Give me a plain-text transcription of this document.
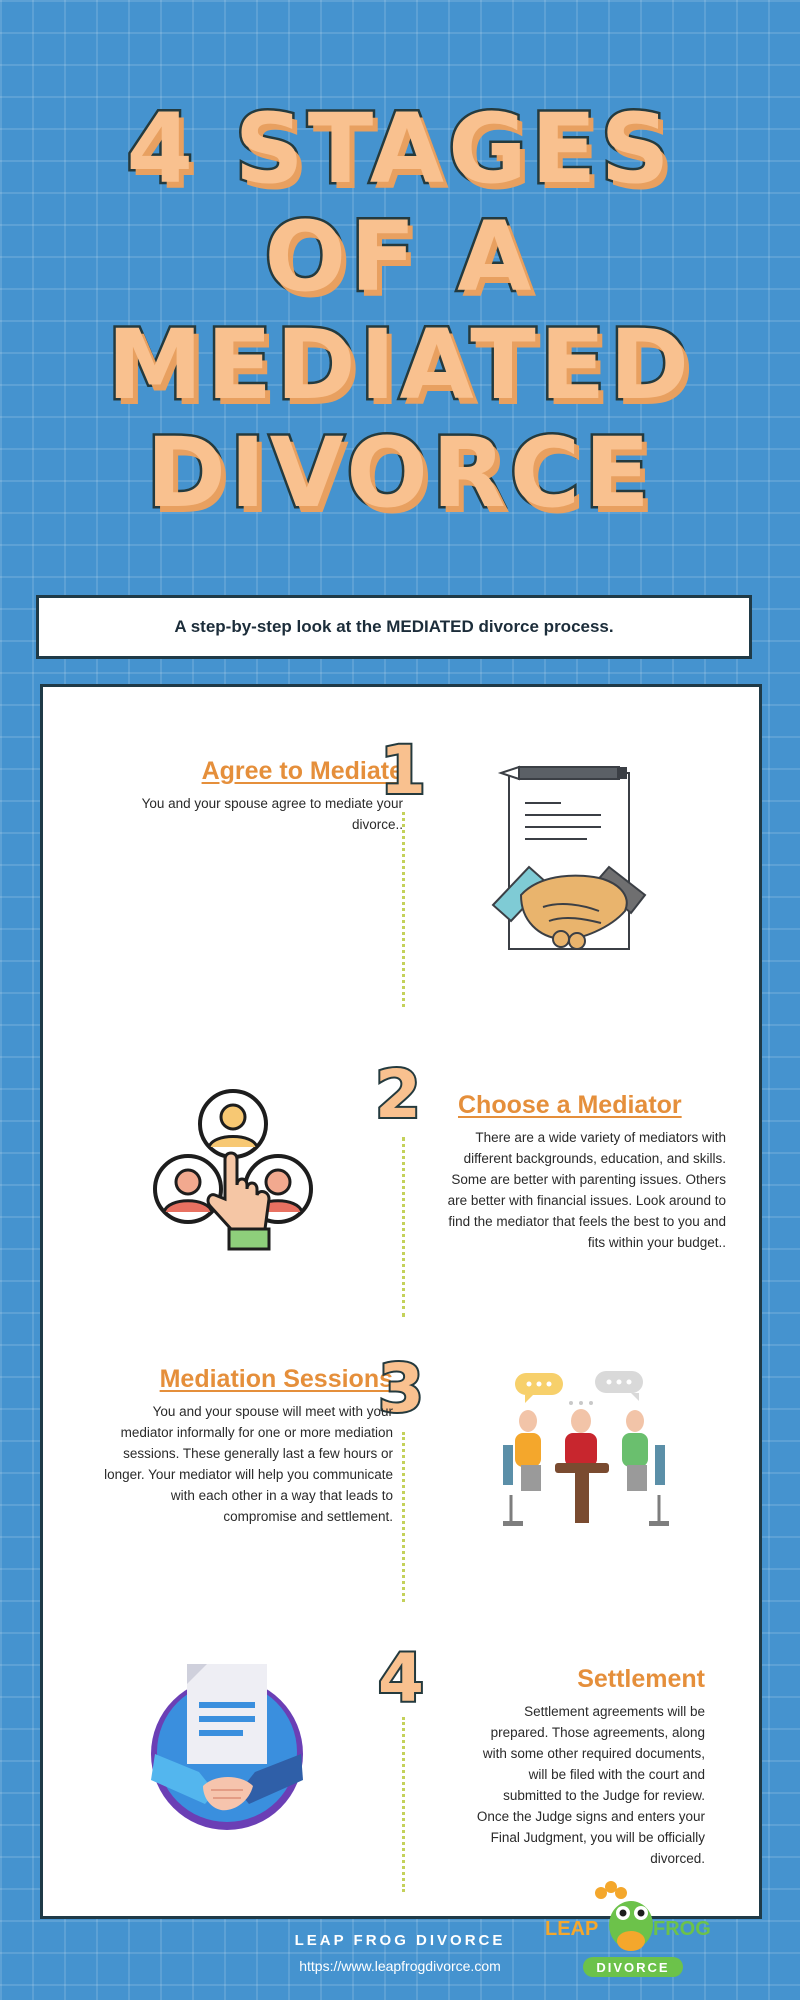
4 STAGES
OF A
MEDIATED
DIVORCE
A step-by-step look at the MEDIATED divorce process.
Agree to Mediate
1
You and your spouse agree to mediate your divorce..
2	Choose a Mediator
There are a wide variety of mediators with different backgrounds, education, and skills. Some are better with parenting issues. Others are better with financial issues. Look around to find the mediator that feels the best to you and fits within your budget..
Mediation Sessions
3
You and your spouse will meet with your mediator informally for one or more mediation sessions. These generally last a few hours or longer. Your mediator will help you communicate with each other in a way that leads to compromise and settlement.
4	Settlement
Settlement agreements will be prepared. Those agreements, along with some other required documents, will be filed with the court and submitted to the Judge for review. Once the Judge signs and enters your Final Judgment, you will be officially divorced.
LEAP	FROG
DIVORCE
LEAP FROG DIVORCE
https://www.leapfrogdivorce.com
